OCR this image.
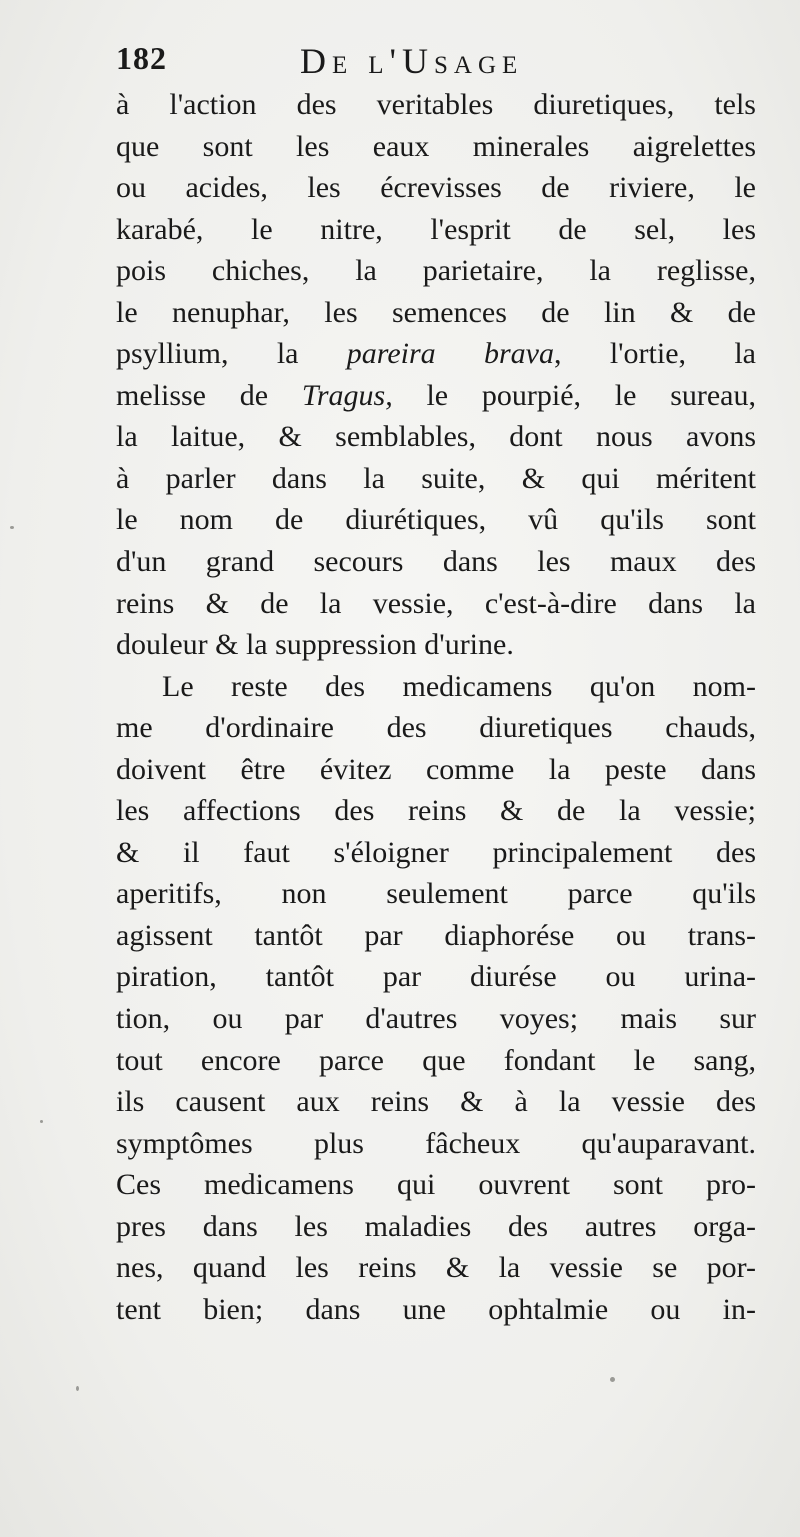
182	De l'Usage
à l'action des veritables diuretiques, tels
que sont les eaux minerales aigrelettes
ou acides, les écrevisses de riviere, le
karabé, le nitre, l'esprit de sel, les
pois chiches, la parietaire, la reglisse,
le nenuphar, les semences de lin & de
psyllium, la pareira brava, l'ortie, la
melisse de Tragus, le pourpié, le sureau,
la laitue, & semblables, dont nous avons
à parler dans la suite, & qui méritent
le nom de diurétiques, vû qu'ils sont
d'un grand secours dans les maux des
reins & de la vessie, c'est-à-dire dans la
douleur & la suppression d'urine.
Le reste des medicamens qu'on nom-
me d'ordinaire des diuretiques chauds,
doivent être évitez comme la peste dans
les affections des reins & de la vessie;
& il faut s'éloigner principalement des
aperitifs, non seulement parce qu'ils
agissent tantôt par diaphorése ou trans-
piration, tantôt par diurése ou urina-
tion, ou par d'autres voyes; mais sur
tout encore parce que fondant le sang,
ils causent aux reins & à la vessie des
symptômes plus fâcheux qu'auparavant.
Ces medicamens qui ouvrent sont pro-
pres dans les maladies des autres orga-
nes, quand les reins & la vessie se por-
tent bien; dans une ophtalmie ou in-
